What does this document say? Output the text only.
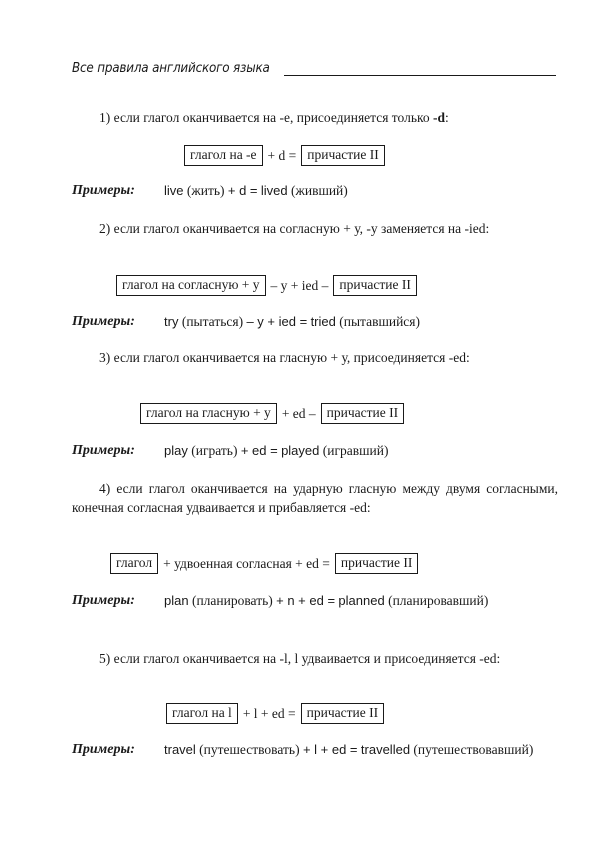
Все правила английского языка
1) если глагол оканчивается на -е, присоединяется только -d:
глагол на -е + d = причастие II
Примеры: live (жить) + d = lived (живший)
2) если глагол оканчивается на согласную + у, -у заменяется на -ied:
глагол на согласную + у – у + ied – причастие II
Примеры: try (пытаться) – у + ied = tried (пытавшийся)
3) если глагол оканчивается на гласную + у, присоединяется -ed:
глагол на гласную + у + ed – причастие II
Примеры: play (играть) + ed = played (игравший)
4) если глагол оканчивается на ударную гласную между двумя согласными, конечная согласная удваивается и прибавляется -ed:
глагол + удвоенная согласная + ed = причастие II
Примеры: plan (планировать) + n + ed = planned (планировавший)
5) если глагол оканчивается на -l, l удваивается и присоединяется -ed:
глагол на l + l + ed = причастие II
Примеры: travel (путешествовать) + l + ed = travelled (путешествовавший)
